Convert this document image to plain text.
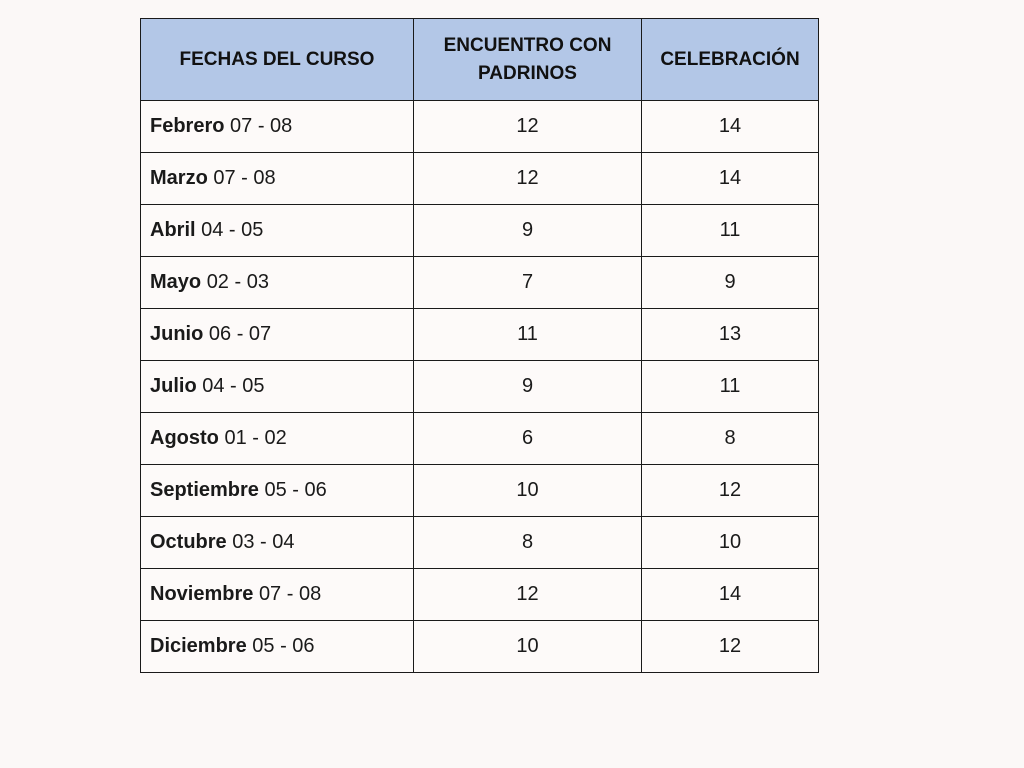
FECHAS DEL CURSO	ENCUENTRO CON PADRINOS	CELEBRACIÓN
Febrero 07 - 08	12	14
Marzo 07 - 08	12	14
Abril 04 - 05	9	11
Mayo 02 - 03	7	9
Junio 06 - 07	11	13
Julio 04 - 05	9	11
Agosto 01 - 02	6	8
Septiembre 05 - 06	10	12
Octubre 03 - 04	8	10
Noviembre 07 - 08	12	14
Diciembre 05 - 06	10	12
